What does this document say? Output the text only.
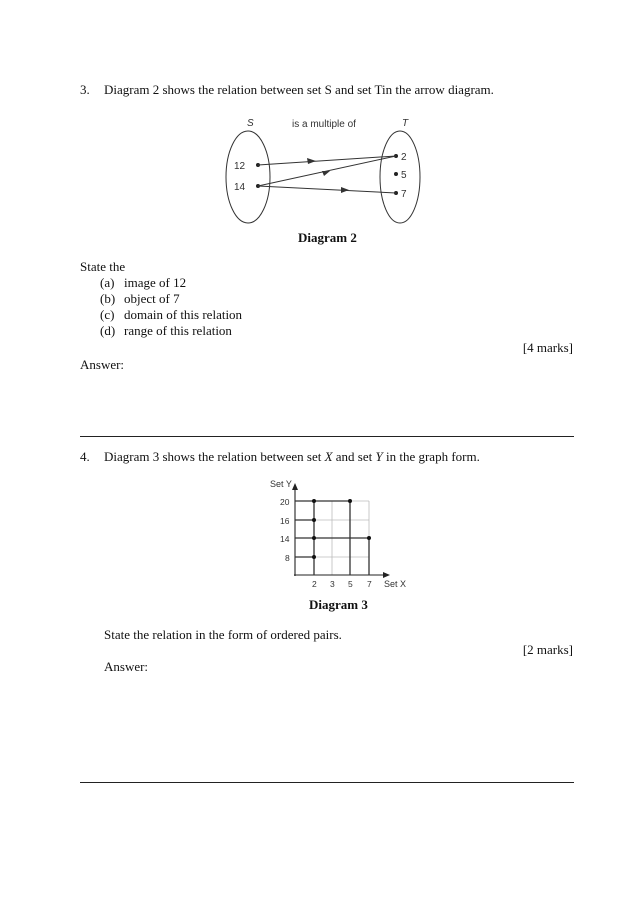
3. Diagram 2 shows the relation between set S and set Tin the arrow diagram.
S	is a multiple of	T
12
14
2
5
7
Diagram 2
State the
(a) image of 12
(b) object of 7
(c) domain of this relation
(d) range of this relation
[4 marks]
Answer:
4. Diagram 3 shows the relation between set X and set Y in the graph form.
Set Y
Set X
20
16
14
8
2 3 5 7
Diagram 3
State the relation in the form of ordered pairs.
[2 marks]
Answer:
